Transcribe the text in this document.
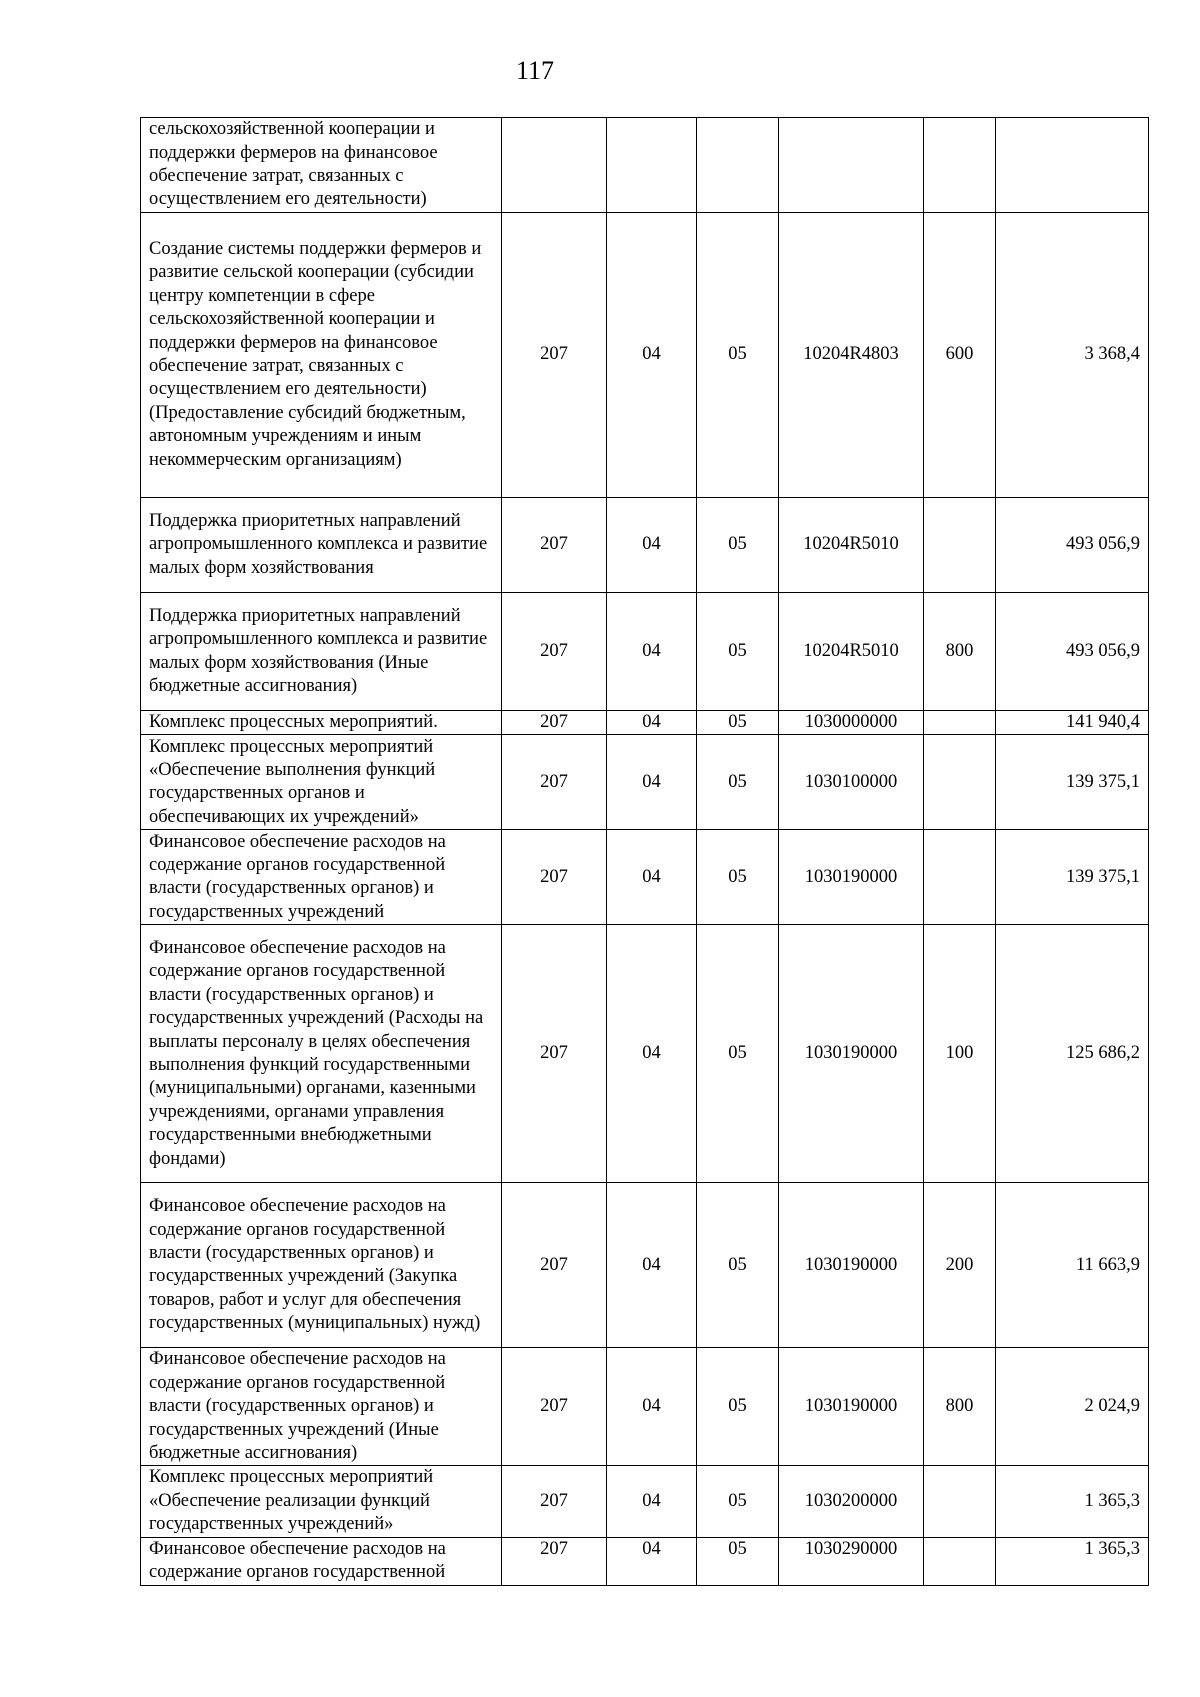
117
сельскохозяйственной кооперации и поддержки фермеров на финансовое обеспечение затрат, связанных с осуществлением его деятельности)						
Создание системы поддержки фермеров и развитие сельской кооперации (субсидии центру компетенции в сфере сельскохозяйственной кооперации и поддержки фермеров на финансовое обеспечение затрат, связанных с осуществлением его деятельности) (Предоставление субсидий бюджетным, автономным учреждениям и иным некоммерческим организациям)	207	04	05	10204R4803	600	3 368,4
Поддержка приоритетных направлений агропромышленного комплекса и развитие малых форм хозяйствования	207	04	05	10204R5010		493 056,9
Поддержка приоритетных направлений агропромышленного комплекса и развитие малых форм хозяйствования (Иные бюджетные ассигнования)	207	04	05	10204R5010	800	493 056,9
Комплекс процессных мероприятий.	207	04	05	1030000000		141 940,4
Комплекс процессных мероприятий «Обеспечение выполнения функций государственных органов и обеспечивающих их учреждений»	207	04	05	1030100000		139 375,1
Финансовое обеспечение расходов на содержание органов государственной власти (государственных органов) и государственных учреждений	207	04	05	1030190000		139 375,1
Финансовое обеспечение расходов на содержание органов государственной власти (государственных органов) и государственных учреждений (Расходы на выплаты персоналу в целях обеспечения выполнения функций государственными (муниципальными) органами, казенными учреждениями, органами управления государственными внебюджетными фондами)	207	04	05	1030190000	100	125 686,2
Финансовое обеспечение расходов на содержание органов государственной власти (государственных органов) и государственных учреждений (Закупка товаров, работ и услуг для обеспечения государственных (муниципальных) нужд)	207	04	05	1030190000	200	11 663,9
Финансовое обеспечение расходов на содержание органов государственной власти (государственных органов) и государственных учреждений (Иные бюджетные ассигнования)	207	04	05	1030190000	800	2 024,9
Комплекс процессных мероприятий «Обеспечение реализации функций государственных учреждений»	207	04	05	1030200000		1 365,3
Финансовое обеспечение расходов на содержание органов государственной	207	04	05	1030290000		1 365,3
